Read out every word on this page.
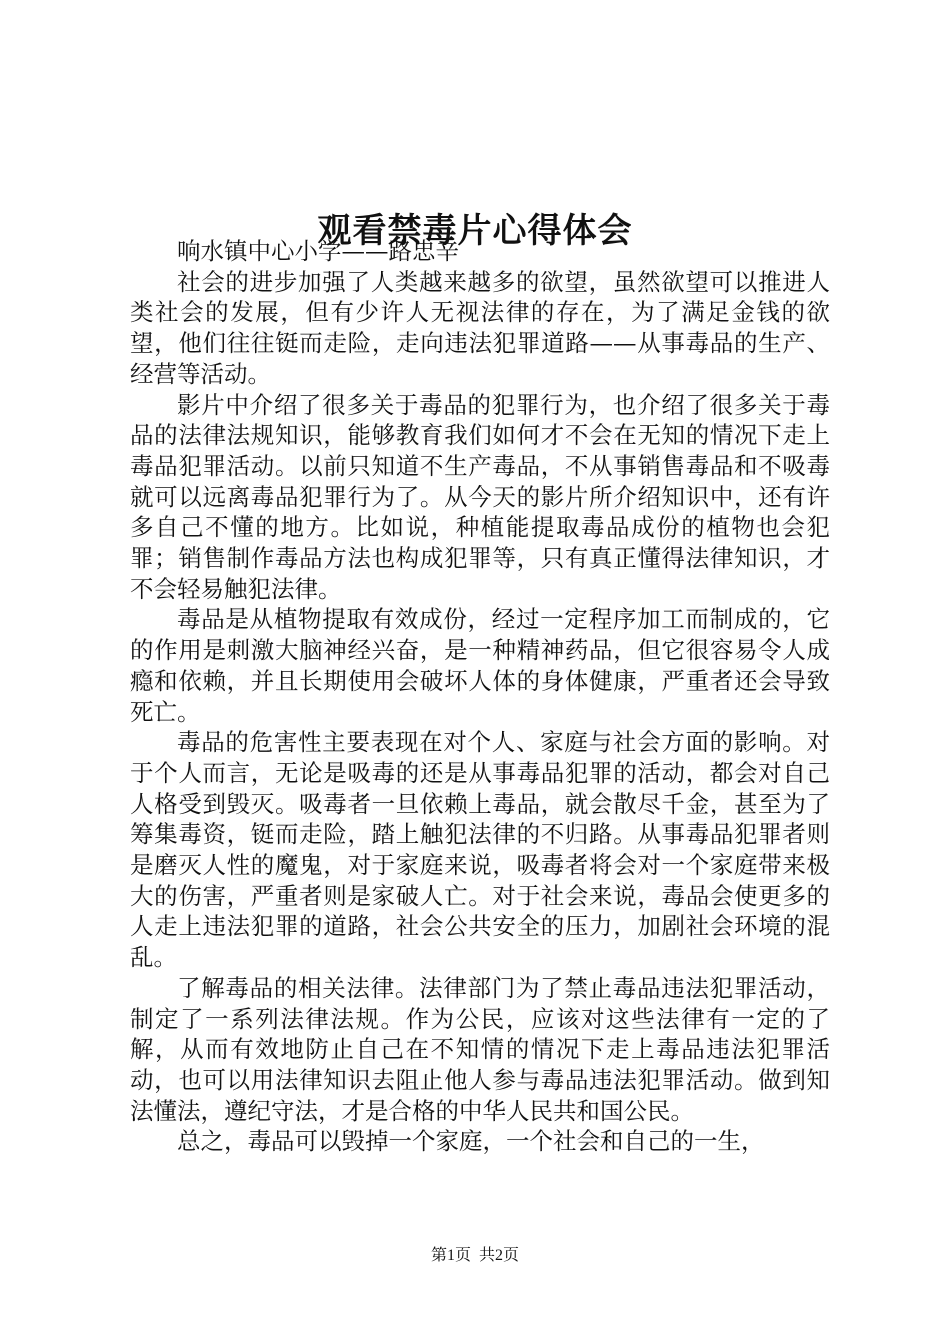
观看禁毒片心得体会

响水镇中心小学——路忠辛

社会的进步加强了人类越来越多的欲望，虽然欲望可以推进人类社会的发展，但有少许人无视法律的存在，为了满足金钱的欲望，他们往往铤而走险，走向违法犯罪道路——从事毒品的生产、经营等活动。

影片中介绍了很多关于毒品的犯罪行为，也介绍了很多关于毒品的法律法规知识，能够教育我们如何才不会在无知的情况下走上毒品犯罪活动。以前只知道不生产毒品，不从事销售毒品和不吸毒就可以远离毒品犯罪行为了。从今天的影片所介绍知识中，还有许多自己不懂的地方。比如说，种植能提取毒品成份的植物也会犯罪；销售制作毒品方法也构成犯罪等，只有真正懂得法律知识，才不会轻易触犯法律。

毒品是从植物提取有效成份，经过一定程序加工而制成的，它的作用是刺激大脑神经兴奋，是一种精神药品，但它很容易令人成瘾和依赖，并且长期使用会破坏人体的身体健康，严重者还会导致死亡。

毒品的危害性主要表现在对个人、家庭与社会方面的影响。对于个人而言，无论是吸毒的还是从事毒品犯罪的活动，都会对自己人格受到毁灭。吸毒者一旦依赖上毒品，就会散尽千金，甚至为了筹集毒资，铤而走险，踏上触犯法律的不归路。从事毒品犯罪者则是磨灭人性的魔鬼，对于家庭来说，吸毒者将会对一个家庭带来极大的伤害，严重者则是家破人亡。对于社会来说，毒品会使更多的人走上违法犯罪的道路，社会公共安全的压力，加剧社会环境的混乱。

了解毒品的相关法律。法律部门为了禁止毒品违法犯罪活动，制定了一系列法律法规。作为公民，应该对这些法律有一定的了解，从而有效地防止自己在不知情的情况下走上毒品违法犯罪活动，也可以用法律知识去阻止他人参与毒品违法犯罪活动。做到知法懂法，遵纪守法，才是合格的中华人民共和国公民。

总之，毒品可以毁掉一个家庭，一个社会和自己的一生，

第1页 共2页
